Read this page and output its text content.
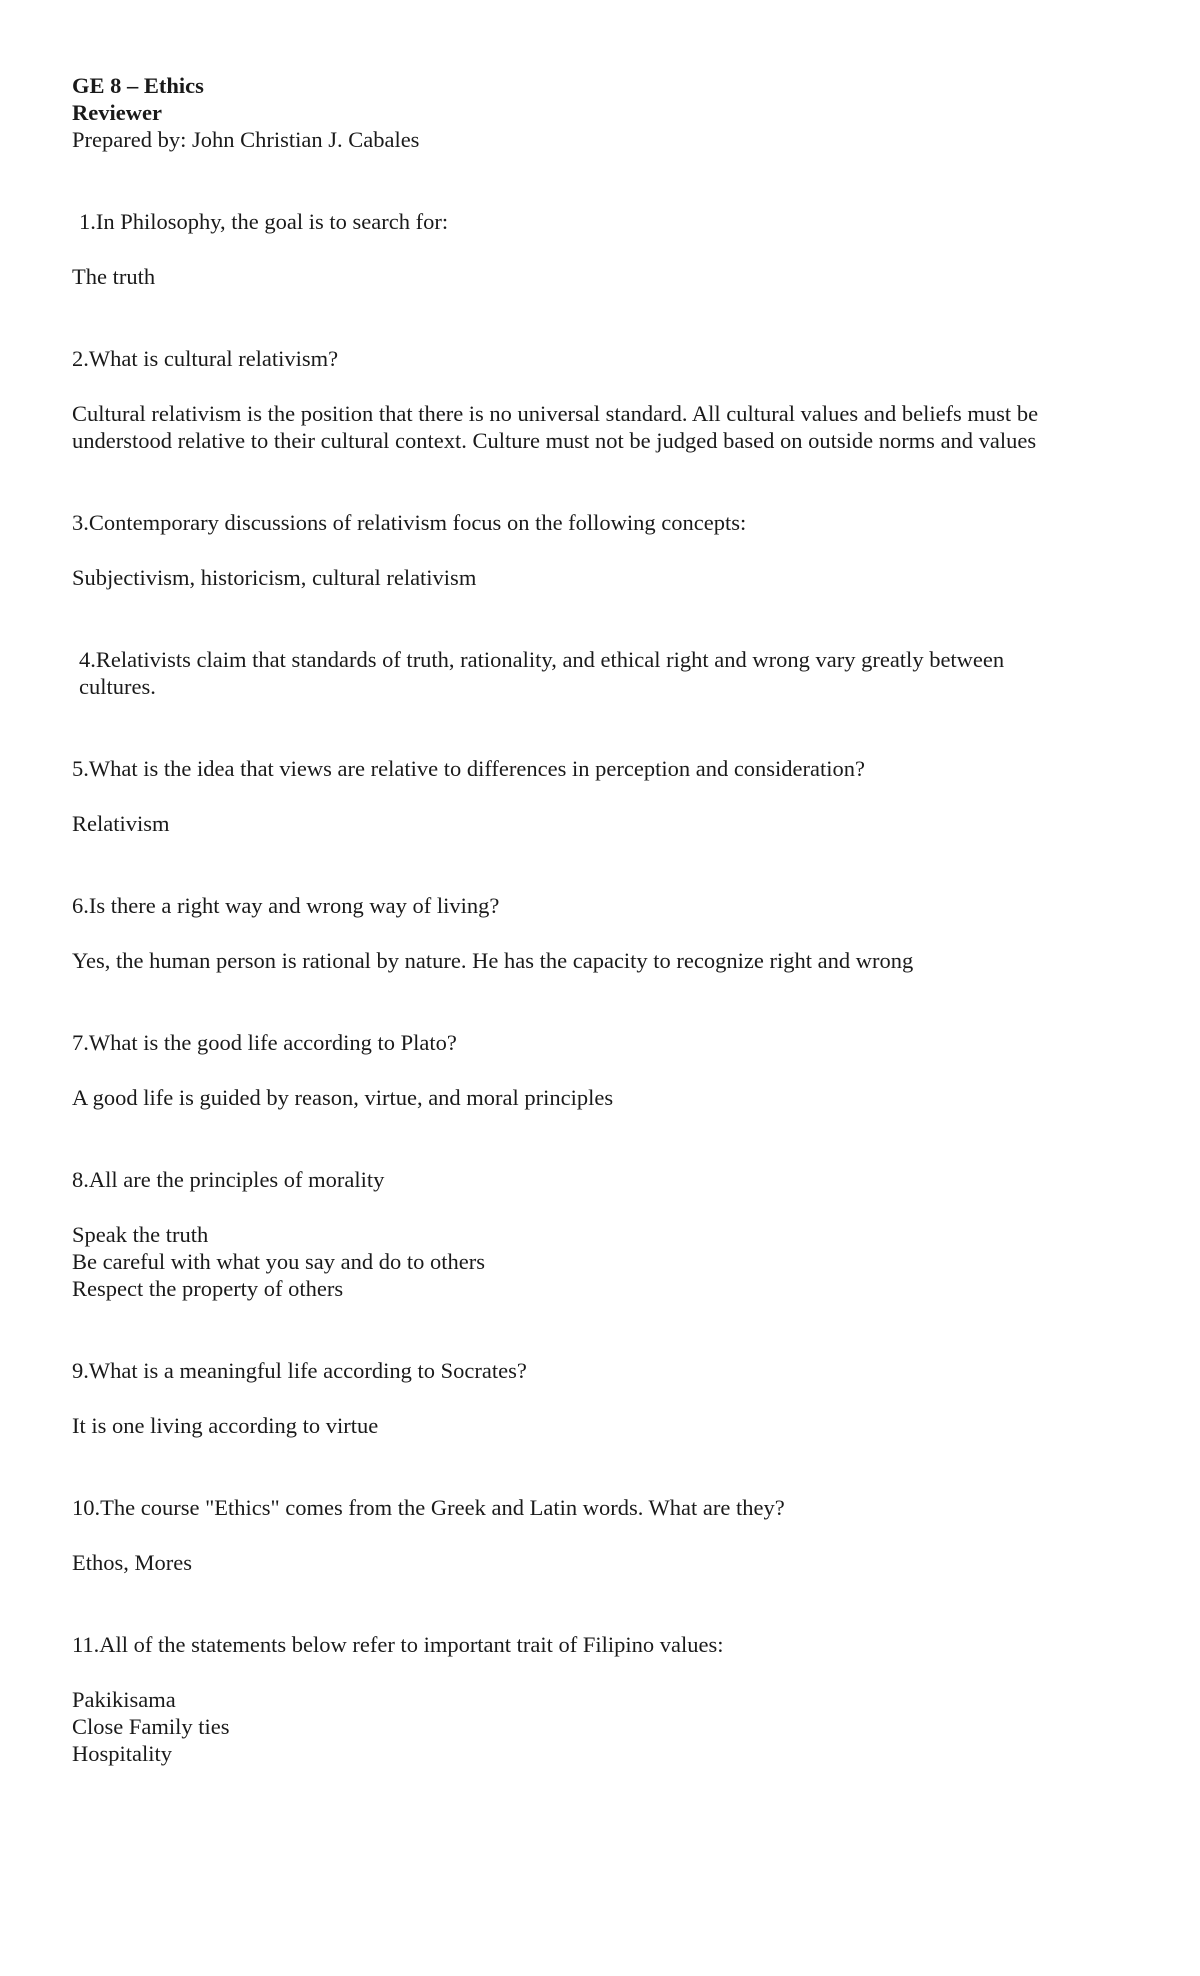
GE 8 – Ethics
Reviewer
Prepared by: John Christian J. Cabales
1.In Philosophy, the goal is to search for:
The truth
2.What is cultural relativism?
Cultural relativism is the position that there is no universal standard. All cultural values and beliefs must be
understood relative to their cultural context. Culture must not be judged based on outside norms and values
3.Contemporary discussions of relativism focus on the following concepts:
Subjectivism, historicism, cultural relativism
4.Relativists claim that standards of truth, rationality, and ethical right and wrong vary greatly between
cultures.
5.What is the idea that views are relative to differences in perception and consideration?
Relativism
6.Is there a right way and wrong way of living?
Yes, the human person is rational by nature. He has the capacity to recognize right and wrong
7.What is the good life according to Plato?
A good life is guided by reason, virtue, and moral principles
8.All are the principles of morality
Speak the truth
Be careful with what you say and do to others
Respect the property of others
9.What is a meaningful life according to Socrates?
It is one living according to virtue
10.The course "Ethics" comes from the Greek and Latin words. What are they?
Ethos, Mores
11.All of the statements below refer to important trait of Filipino values:
Pakikisama
Close Family ties
Hospitality
